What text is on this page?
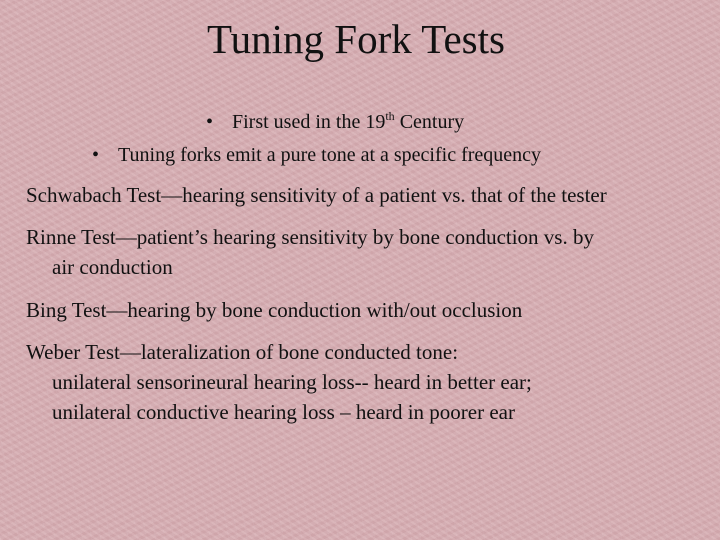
Tuning Fork Tests
• First used in the 19th Century
• Tuning forks emit a pure tone at a specific frequency

Schwabach Test—hearing sensitivity of a patient vs. that of the tester

Rinne Test—patient’s hearing sensitivity by bone conduction vs. by
air conduction

Bing Test—hearing by bone conduction with/out occlusion

Weber Test—lateralization of bone conducted tone:
unilateral sensorineural hearing loss-- heard in better ear;
unilateral conductive hearing loss – heard in poorer ear
